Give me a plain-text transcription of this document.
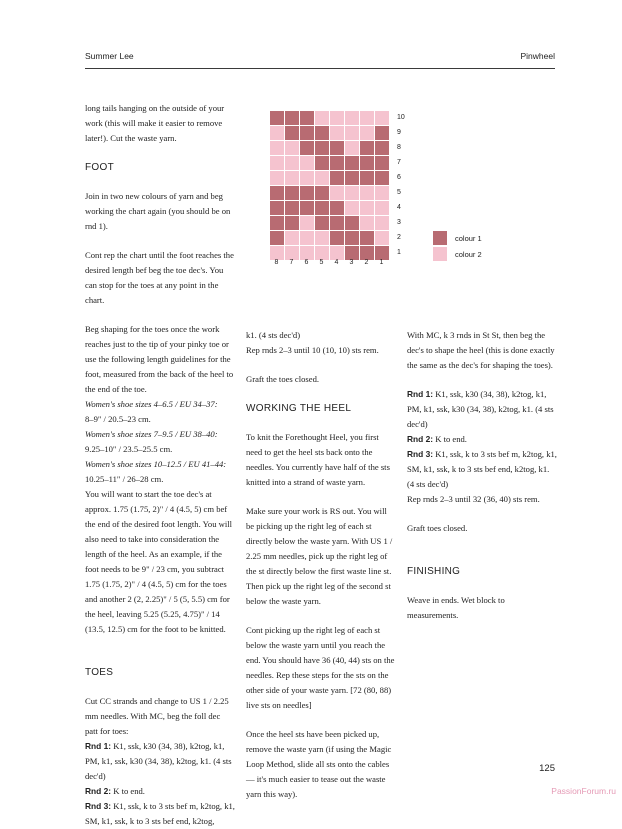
Summer Lee	Pinwheel
10
9
8
7
6
5
4
3
2
1
8	7	6	5	4	3	2	1
colour 1
colour 2

long tails hanging on the outside of your work (this will make it easier to remove later!). Cut the waste yarn.

FOOT

Join in two new colours of yarn and beg working the chart again (you should be on rnd 1).

Cont rep the chart until the foot reaches the desired length bef beg the toe dec's. You can stop for the toes at any point in the chart.

Beg shaping for the toes once the work reaches just to the tip of your pinky toe or use the following length guidelines for the foot, measured from the back of the heel to the end of the toe.

Women's shoe sizes 4–6.5 / EU 34–37:

8–9" / 20.5–23 cm.

Women's shoe sizes 7–9.5 / EU 38–40:

9.25–10" / 23.5–25.5 cm.

Women's shoe sizes 10–12.5 / EU 41–44:

10.25–11" / 26–28 cm.

You will want to start the toe dec's at approx. 1.75 (1.75, 2)" / 4 (4.5, 5) cm bef the end of the desired foot length. You will also need to take into consideration the length of the heel. As an example, if the foot needs to be 9" / 23 cm, you subtract 1.75 (1.75, 2)" / 4 (4.5, 5) cm for the toes and another 2 (2, 2.25)" / 5 (5, 5.5) cm for the heel, leaving 5.25 (5.25, 4.75)" / 14 (13.5, 12.5) cm for the foot to be knitted.

TOES

Cut CC strands and change to US 1 / 2.25 mm needles. With MC, beg the foll dec patt for toes:

Rnd 1: K1, ssk, k30 (34, 38), k2tog, k1, PM, k1, ssk, k30 (34, 38), k2tog, k1. (4 sts dec'd)

Rnd 2: K to end.

Rnd 3: K1, ssk, k to 3 sts bef m, k2tog, k1, SM, k1, ssk, k to 3 sts bef end, k2tog,

k1. (4 sts dec'd)

Rep rnds 2–3 until 10 (10, 10) sts rem.

Graft the toes closed.

WORKING THE HEEL

To knit the Forethought Heel, you first need to get the heel sts back onto the needles. You currently have half of the sts knitted into a strand of waste yarn.

Make sure your work is RS out. You will be picking up the right leg of each st directly below the waste yarn. With US 1 / 2.25 mm needles, pick up the right leg of the st directly below the first waste line st. Then pick up the right leg of the second st below the waste yarn.

Cont picking up the right leg of each st below the waste yarn until you reach the end. You should have 36 (40, 44) sts on the needles. Rep these steps for the sts on the other side of your waste yarn. [72 (80, 88) live sts on needles]

Once the heel sts have been picked up, remove the waste yarn (if using the Magic Loop Method, slide all sts onto the cables — it's much easier to tease out the waste yarn this way).

With MC, k 3 rnds in St St, then beg the dec's to shape the heel (this is done exactly the same as the dec's for shaping the toes).

Rnd 1: K1, ssk, k30 (34, 38), k2tog, k1, PM, k1, ssk, k30 (34, 38), k2tog, k1. (4 sts dec'd)

Rnd 2: K to end.

Rnd 3: K1, ssk, k to 3 sts bef m, k2tog, k1, SM, k1, ssk, k to 3 sts bef end, k2tog, k1. (4 sts dec'd)

Rep rnds 2–3 until 32 (36, 40) sts rem.

Graft toes closed.

FINISHING

Weave in ends. Wet block to measurements.

125
PassionForum.ru
